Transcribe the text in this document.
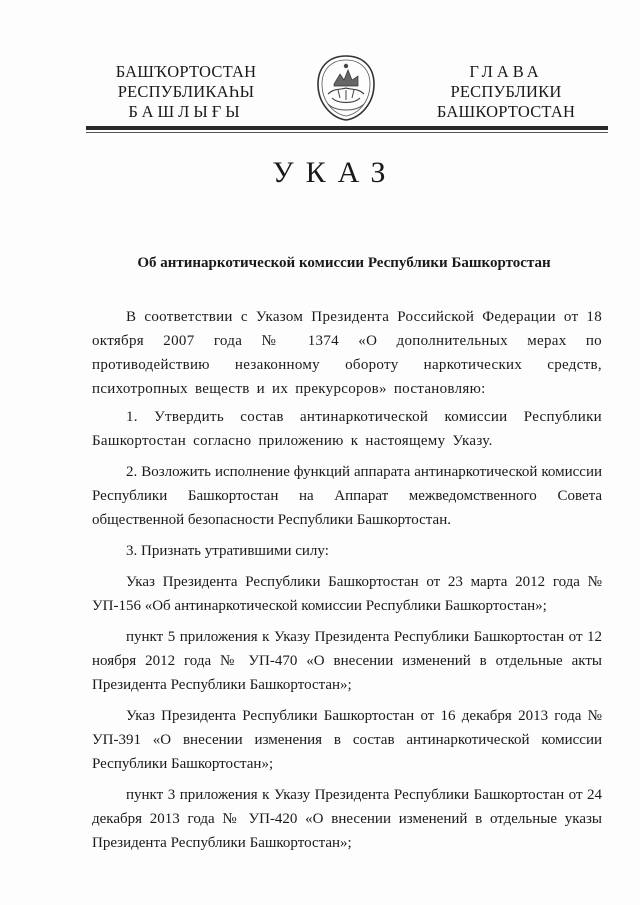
БАШҠОРТОСТАН
РЕСПУБЛИКАҺЫ
БАШЛЫҒЫ
ГЛАВА
РЕСПУБЛИКИ
БАШКОРТОСТАН
УКАЗ
Об антинаркотической комиссии Республики Башкортостан

В соответствии с Указом Президента Российской Федерации от 18 октября 2007 года № 1374 «О дополнительных мерах по противодействию незаконному обороту наркотических средств, психотропных веществ и их прекурсоров» постановляю:

1. Утвердить состав антинаркотической комиссии Республики Башкортостан согласно приложению к настоящему Указу.

2. Возложить исполнение функций аппарата антинаркотической комиссии Республики Башкортостан на Аппарат межведомственного Совета общественной безопасности Республики Башкортостан.

3. Признать утратившими силу:

Указ Президента Республики Башкортостан от 23 марта 2012 года № УП-156 «Об антинаркотической комиссии Республики Башкортостан»;

пункт 5 приложения к Указу Президента Республики Башкортостан от 12 ноября 2012 года № УП-470 «О внесении изменений в отдельные акты Президента Республики Башкортостан»;

Указ Президента Республики Башкортостан от 16 декабря 2013 года № УП-391 «О внесении изменения в состав антинаркотической комиссии Республики Башкортостан»;

пункт 3 приложения к Указу Президента Республики Башкортостан от 24 декабря 2013 года № УП-420 «О внесении изменений в отдельные указы Президента Республики Башкортостан»;
